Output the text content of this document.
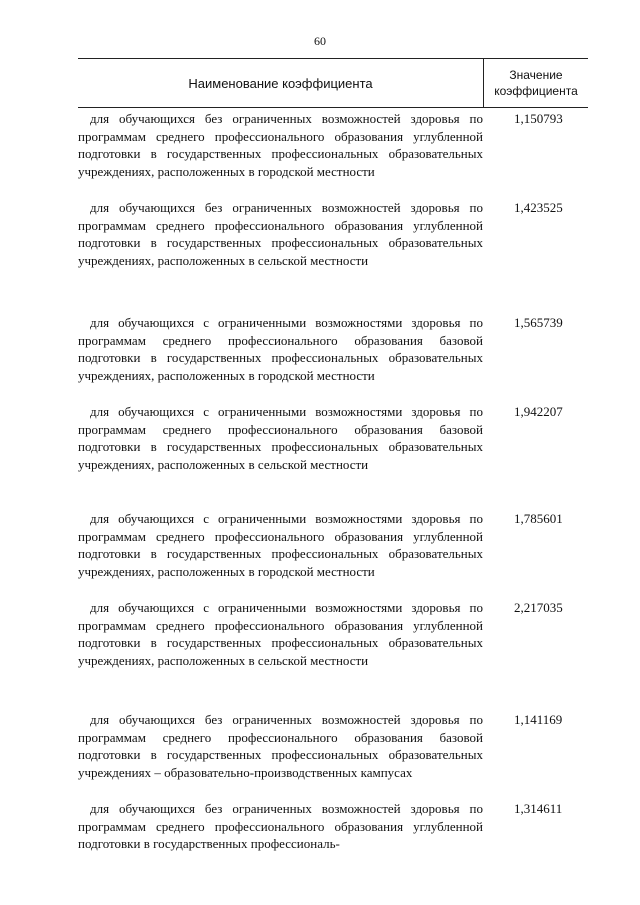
60
Наименование коэффициента
Значение
коэффициента
для обучающихся без ограниченных возможностей здоровья по программам среднего профессионального образования углубленной подготовки в государственных профессиональных образовательных учреждениях, расположенных в городской местности
1,150793
для обучающихся без ограниченных возможностей здоровья по программам среднего профессионального образования углубленной подготовки в государственных профессиональных образовательных учреждениях, расположенных в сельской местности
1,423525
для обучающихся с ограниченными возможностями здоровья по программам среднего профессионального образования базовой подготовки в государственных профессиональных образовательных учреждениях, расположенных в городской местности
1,565739
для обучающихся с ограниченными возможностями здоровья по программам среднего профессионального образования базовой подготовки в государственных профессиональных образовательных учреждениях, расположенных в сельской местности
1,942207
для обучающихся с ограниченными возможностями здоровья по программам среднего профессионального образования углубленной подготовки в государственных профессиональных образовательных учреждениях, расположенных в городской местности
1,785601
для обучающихся с ограниченными возможностями здоровья по программам среднего профессионального образования углубленной подготовки в государственных профессиональных образовательных учреждениях, расположенных в сельской местности
2,217035
для обучающихся без ограниченных возможностей здоровья по программам среднего профессионального образования базовой подготовки в государственных профессиональных образовательных учреждениях – образовательно-производственных кампусах
1,141169
для обучающихся без ограниченных возможностей здоровья по программам среднего профессионального образования углубленной подготовки в государственных профессиональ-
1,314611
